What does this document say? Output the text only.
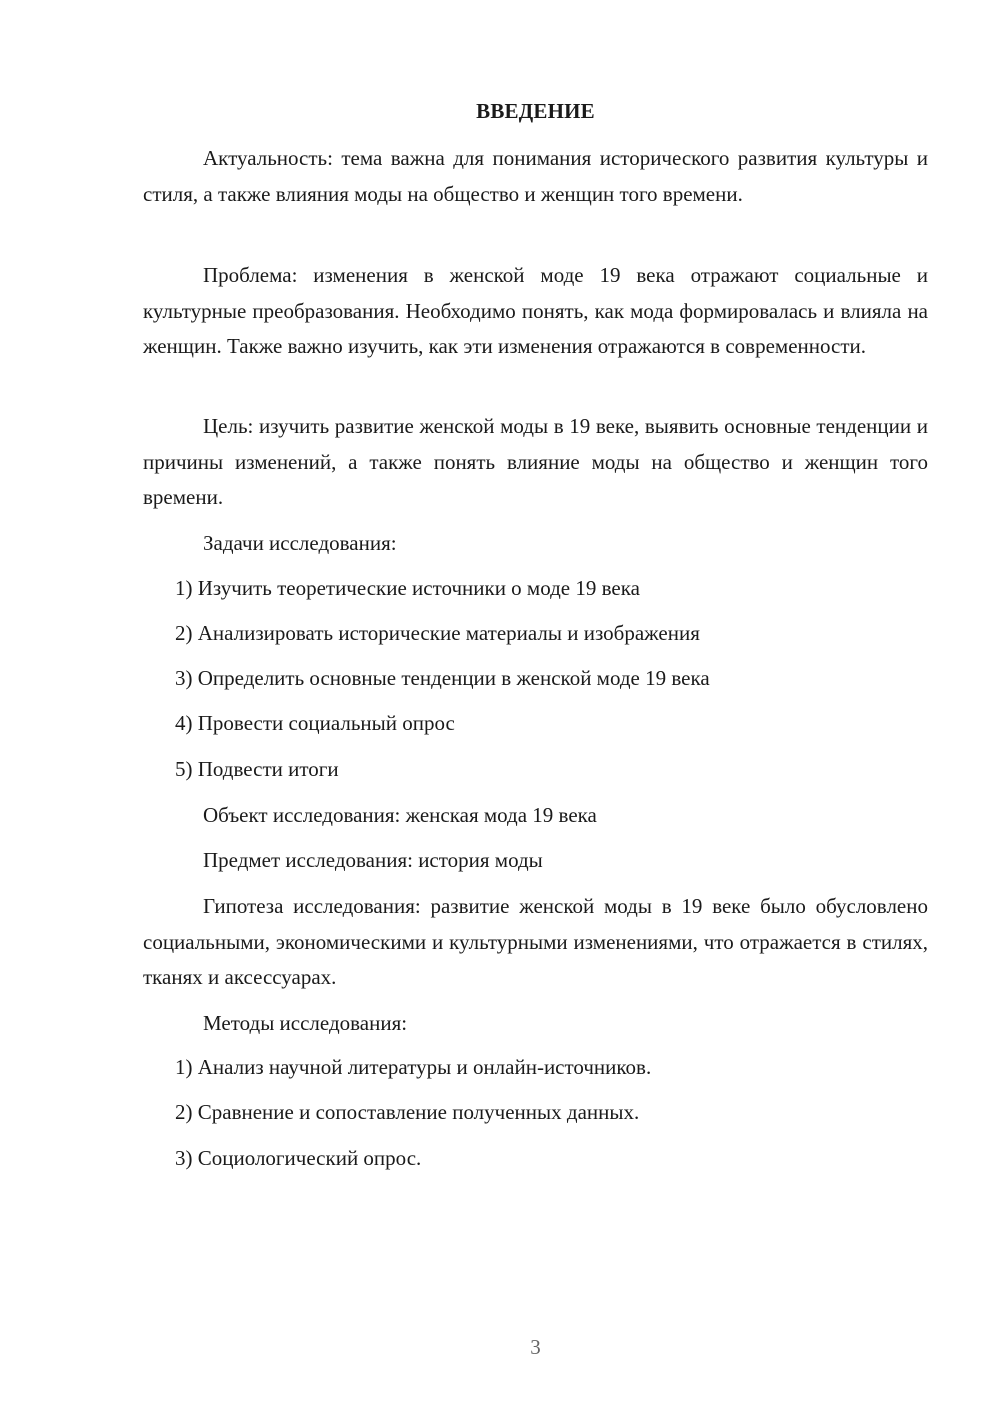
ВВЕДЕНИЕ

Актуальность: тема важна для понимания исторического развития культуры и стиля, а также влияния моды на общество и женщин того времени.

Проблема: изменения в женской моде 19 века отражают социальные и культурные преобразования. Необходимо понять, как мода формировалась и влияла на женщин. Также важно изучить, как эти изменения отражаются в современности.

Цель: изучить развитие женской моды в 19 веке, выявить основные тенденции и причины изменений, а также понять влияние моды на общество и женщин того времени.

Задачи исследования:
1) Изучить теоретические источники о моде 19 века
2) Анализировать исторические материалы и изображения
3) Определить основные тенденции в женской моде 19 века
4) Провести социальный опрос
5) Подвести итоги
Объект исследования: женская мода 19 века
Предмет исследования: история моды

Гипотеза исследования: развитие женской моды в 19 веке было обусловлено социальными, экономическими и культурными изменениями, что отражается в стилях, тканях и аксессуарах.

Методы исследования:
1) Анализ научной литературы и онлайн-источников.
2) Сравнение и сопоставление полученных данных.
3) Социологический опрос.
3
